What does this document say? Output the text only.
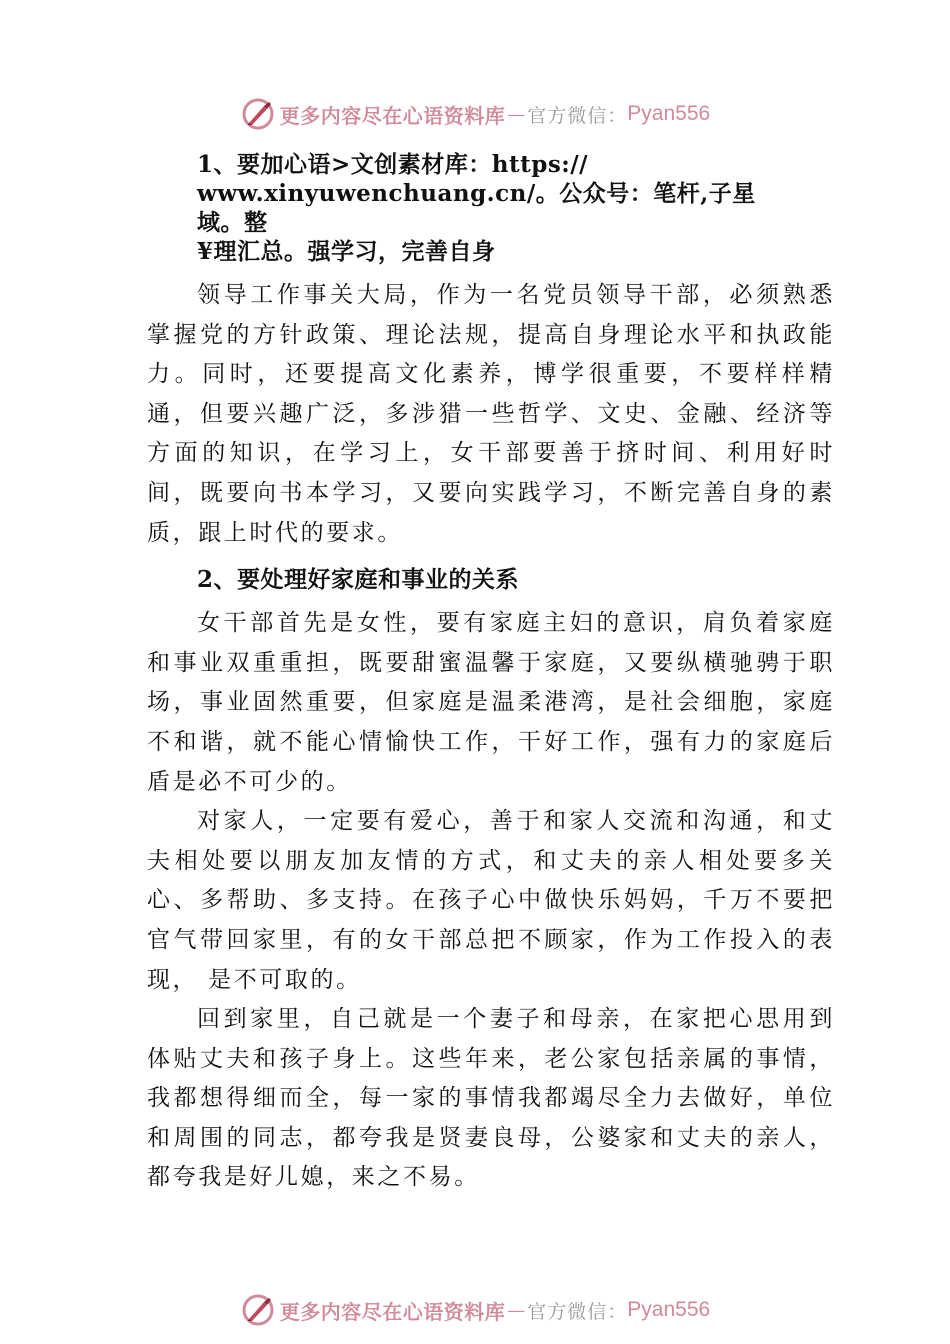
更多内容尽在心语资料库 — 官方微信： Pyan556

1、要加心语>文创素材库：https://
www.xinyuwenchuang.cn/。公众号：笔杆,子星域。整
¥理汇总。强学习，完善自身

领导工作事关大局，作为一名党员领导干部，必须熟悉掌握党的方针政策、理论法规，提高自身理论水平和执政能力。同时，还要提高文化素养，博学很重要，不要样样精通，但要兴趣广泛，多涉猎一些哲学、文史、金融、经济等方面的知识，在学习上，女干部要善于挤时间、利用好时间，既要向书本学习，又要向实践学习，不断完善自身的素质，跟上时代的要求。

2、要处理好家庭和事业的关系

女干部首先是女性，要有家庭主妇的意识，肩负着家庭和事业双重重担，既要甜蜜温馨于家庭，又要纵横驰骋于职场，事业固然重要，但家庭是温柔港湾，是社会细胞，家庭不和谐，就不能心情愉快工作，干好工作，强有力的家庭后盾是必不可少的。

对家人，一定要有爱心，善于和家人交流和沟通，和丈夫相处要以朋友加友情的方式，和丈夫的亲人相处要多关心、多帮助、多支持。在孩子心中做快乐妈妈，千万不要把官气带回家里，有的女干部总把不顾家，作为工作投入的表现， 是不可取的。

回到家里，自己就是一个妻子和母亲，在家把心思用到体贴丈夫和孩子身上。这些年来，老公家包括亲属的事情， 我都想得细而全，每一家的事情我都竭尽全力去做好，单位和周围的同志，都夸我是贤妻良母，公婆家和丈夫的亲人， 都夸我是好儿媳，来之不易。

更多内容尽在心语资料库 — 官方微信： Pyan556
